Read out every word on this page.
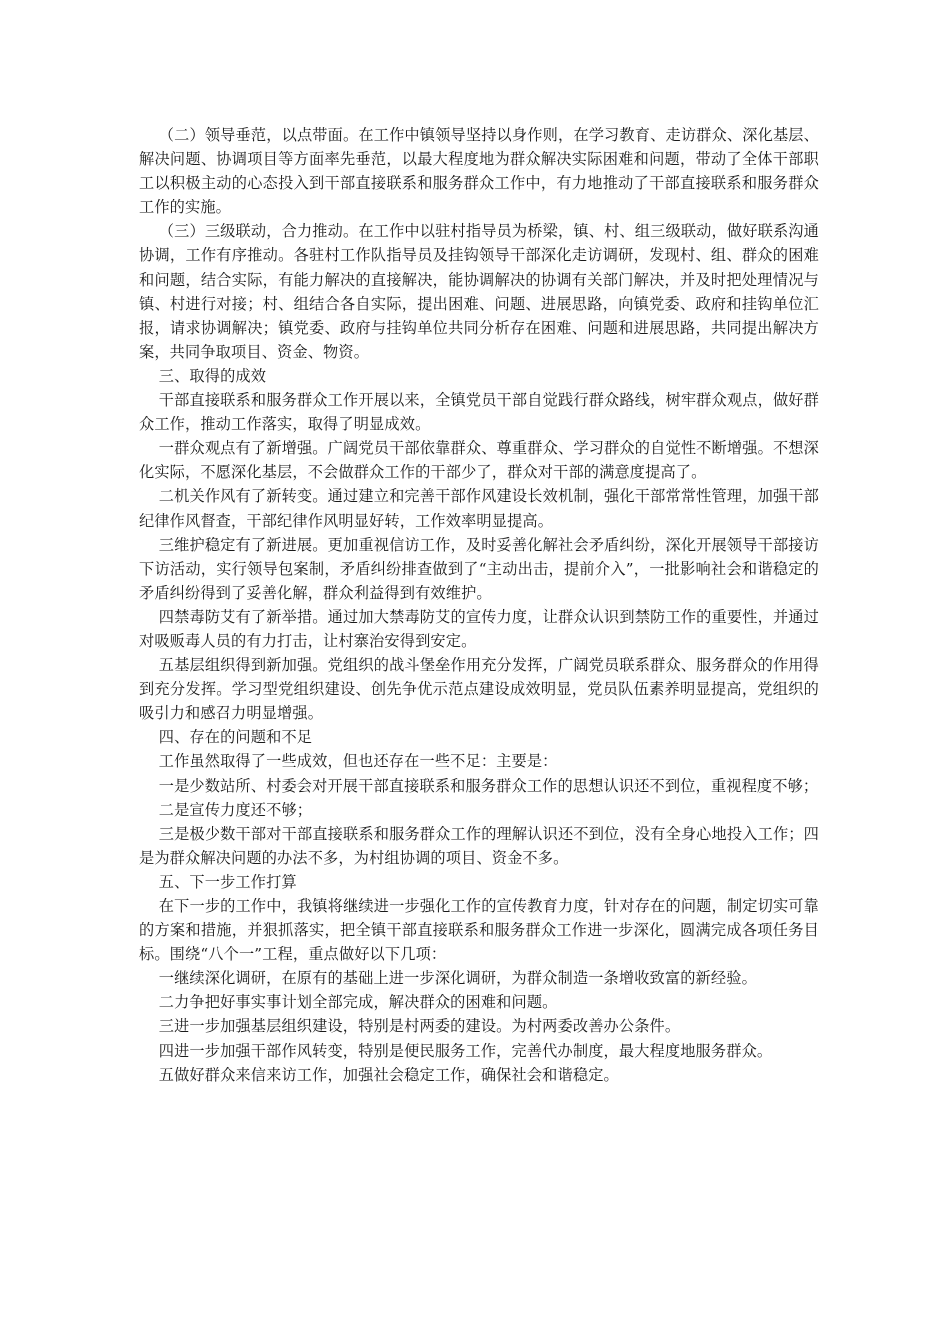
（二）领导垂范，以点带面。在工作中镇领导坚持以身作则，在学习教育、走访群众、深化基层、解决问题、协调项目等方面率先垂范，以最大程度地为群众解决实际困难和问题，带动了全体干部职工以积极主动的心态投入到干部直接联系和服务群众工作中，有力地推动了干部直接联系和服务群众工作的实施。

（三）三级联动，合力推动。在工作中以驻村指导员为桥梁，镇、村、组三级联动，做好联系沟通协调，工作有序推动。各驻村工作队指导员及挂钩领导干部深化走访调研，发现村、组、群众的困难和问题，结合实际，有能力解决的直接解决，能协调解决的协调有关部门解决，并及时把处理情况与镇、村进行对接；村、组结合各自实际，提出困难、问题、进展思路，向镇党委、政府和挂钩单位汇报，请求协调解决；镇党委、政府与挂钩单位共同分析存在困难、问题和进展思路，共同提出解决方案，共同争取项目、资金、物资。

三、取得的成效

干部直接联系和服务群众工作开展以来，全镇党员干部自觉践行群众路线，树牢群众观点，做好群众工作，推动工作落实，取得了明显成效。

一群众观点有了新增强。广阔党员干部依靠群众、尊重群众、学习群众的自觉性不断增强。不想深化实际，不愿深化基层，不会做群众工作的干部少了，群众对干部的满意度提高了。

二机关作风有了新转变。通过建立和完善干部作风建设长效机制，强化干部常常性管理，加强干部纪律作风督查，干部纪律作风明显好转，工作效率明显提高。

三维护稳定有了新进展。更加重视信访工作，及时妥善化解社会矛盾纠纷，深化开展领导干部接访下访活动，实行领导包案制，矛盾纠纷排查做到了“主动出击，提前介入”，一批影响社会和谐稳定的矛盾纠纷得到了妥善化解，群众利益得到有效维护。

四禁毒防艾有了新举措。通过加大禁毒防艾的宣传力度，让群众认识到禁防工作的重要性，并通过对吸贩毒人员的有力打击，让村寨治安得到安定。

五基层组织得到新加强。党组织的战斗堡垒作用充分发挥，广阔党员联系群众、服务群众的作用得到充分发挥。学习型党组织建设、创先争优示范点建设成效明显，党员队伍素养明显提高，党组织的吸引力和感召力明显增强。

四、存在的问题和不足

工作虽然取得了一些成效，但也还存在一些不足：主要是：

一是少数站所、村委会对开展干部直接联系和服务群众工作的思想认识还不到位，重视程度不够；

二是宣传力度还不够；

三是极少数干部对干部直接联系和服务群众工作的理解认识还不到位，没有全身心地投入工作；四是为群众解决问题的办法不多，为村组协调的项目、资金不多。

五、下一步工作打算

在下一步的工作中，我镇将继续进一步强化工作的宣传教育力度，针对存在的问题，制定切实可靠的方案和措施，并狠抓落实，把全镇干部直接联系和服务群众工作进一步深化，圆满完成各项任务目标。围绕“八个一”工程，重点做好以下几项：

一继续深化调研，在原有的基础上进一步深化调研，为群众制造一条增收致富的新经验。

二力争把好事实事计划全部完成，解决群众的困难和问题。

三进一步加强基层组织建设，特别是村两委的建设。为村两委改善办公条件。

四进一步加强干部作风转变，特别是便民服务工作，完善代办制度，最大程度地服务群众。

五做好群众来信来访工作，加强社会稳定工作，确保社会和谐稳定。
